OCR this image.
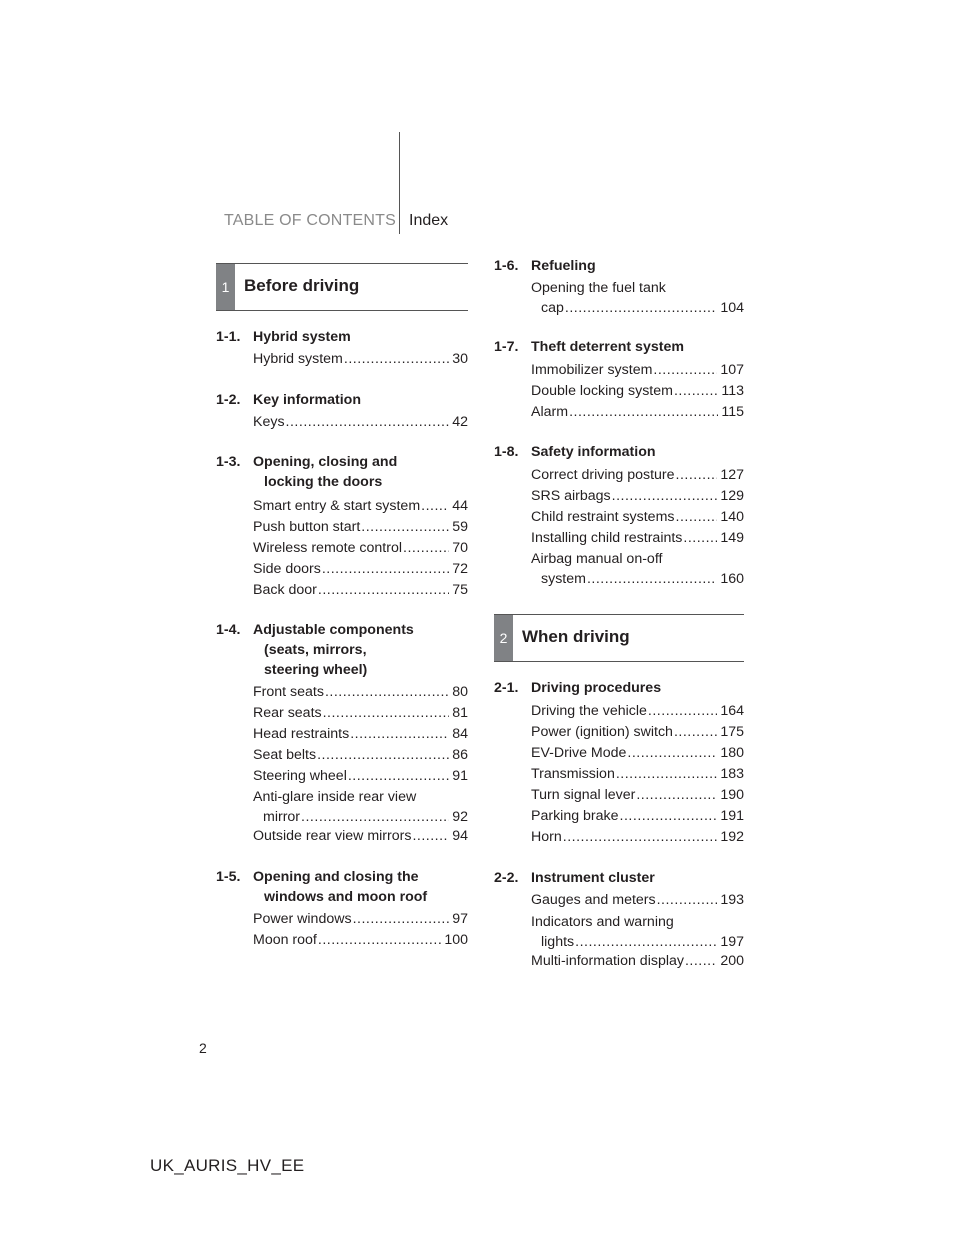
TABLE OF CONTENTS Index
1 Before driving
1-1. Hybrid system
Hybrid system .....	30
1-2. Key information
Keys .....	42
1-3. Opening, closing and
locking the doors
Smart entry & start system ..... 44
Push button start .....	59
Wireless remote control .....	70
Side doors .....	72
Back door .....	75
1-4. Adjustable components
(seats, mirrors,
steering wheel)
Front seats .....	80
Rear seats .....	81
Head restraints .....	84
Seat belts .....	86
Steering wheel .....	91
Anti-glare inside rear view
mirror .....	92
Outside rear view mirrors .....	94
1-5. Opening and closing the
windows and moon roof
Power windows .....	97
Moon roof .....	100
1-6. Refueling
Opening the fuel tank
cap .....	104
1-7. Theft deterrent system
Immobilizer system .....	107
Double locking system .....	113
Alarm .....	115
1-8. Safety information
Correct driving posture .....	127
SRS airbags .....	129
Child restraint systems .....	140
Installing child restraints .....	149
Airbag manual on-off
system .....	160
2 When driving
2-1. Driving procedures
Driving the vehicle .....	164
Power (ignition) switch .....	175
EV-Drive Mode .....	180
Transmission .....	183
Turn signal lever .....	190
Parking brake .....	191
Horn .....	192
2-2. Instrument cluster
Gauges and meters .....	193
Indicators and warning
lights .....	197
Multi-information display .....	200
2
UK_AURIS_HV_EE
